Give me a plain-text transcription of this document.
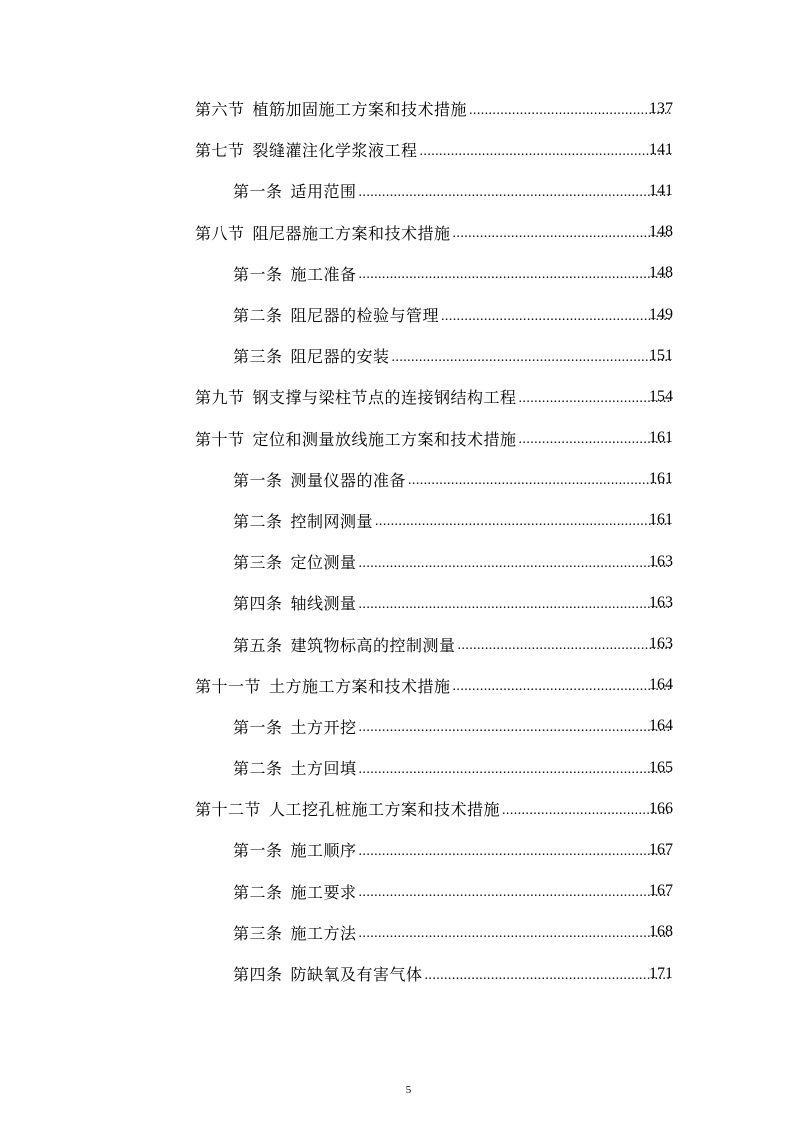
第六节 植筋加固施工方案和技术措施 .....	137
第七节 裂缝灌注化学浆液工程 .....	141
第一条 适用范围 .....	141
第八节 阻尼器施工方案和技术措施 .....	148
第一条 施工准备 .....	148
第二条 阻尼器的检验与管理 .....	149
第三条 阻尼器的安装 .....	151
第九节 钢支撑与梁柱节点的连接钢结构工程 .....	154
第十节 定位和测量放线施工方案和技术措施 .....	161
第一条 测量仪器的准备 .....	161
第二条 控制网测量 .....	161
第三条 定位测量 .....	163
第四条 轴线测量 .....	163
第五条 建筑物标高的控制测量 .....	163
第十一节 土方施工方案和技术措施 .....	164
第一条 土方开挖 .....	164
第二条 土方回填 .....	165
第十二节 人工挖孔桩施工方案和技术措施 .....	166
第一条 施工顺序 .....	167
第二条 施工要求 .....	167
第三条 施工方法 .....	168
第四条 防缺氧及有害气体 .....	171
5
